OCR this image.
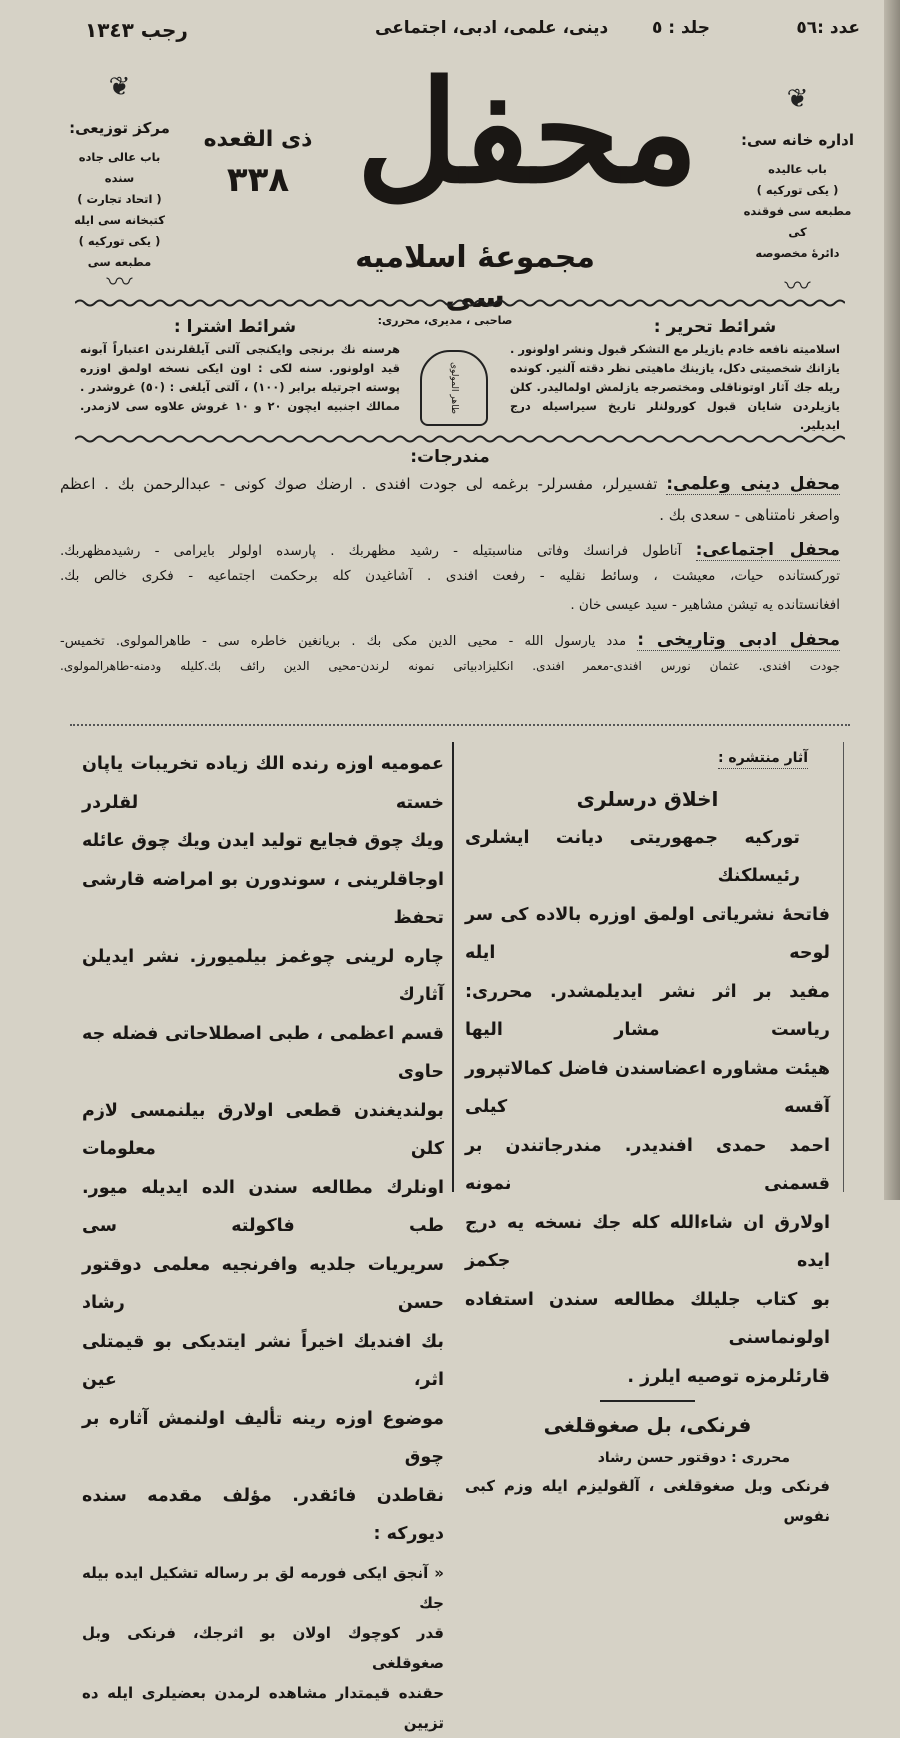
عدد :٥٦
جلد : ٥
دينى، علمى، ادبى، اجتماعى
رجب ١٣٤٣
محفل
ذى القعده
٣٣٨
مجموعهٔ اسلاميه سى
❦
مركز توزيعى:
باب عالى جاده سنده
( اتحاد تجارت )
كتبخانه سى ايله
( يكى تورکيه )
مطبعه سى
〰
❦
اداره خانه سى:
باب عاليده
( يكى توركيه )
مطبعه سى فوقنده كى
دائرهٔ مخصوصه
〰
صاحبى ، مديرى، محررى:
طاهر المولوى
شرائط تحرير :
اسلاميته نافعه خادم يازيلر مع التشكر قبول ونشر اولونور . يازانك شخصيتى دكل، يازينك ماهيتى نظر دقته آلنير. كونده ريله جك آثار اوتوناقلى ومختصرجه يازلمش اولماليدر. كلن يازيلردن شايان قبول كورولنلر تاريخ سيراسيله درج ايديلير.
شرائط اشترا :
هرسنه نك برنجى وايكنجى آلتى آيلقلرندن اعتباراً آبونه قيد اولونور. سنه لكى : اون ايكى نسخه اولمق اوزره پوسته اجرتيله برابر (١٠٠) ، آلتى آيلغى : (٥٠) غروشدر . ممالك اجنبيه ايچون ٢٠ و ١٠ غروش علاوه سى لازمدر.
مندرجات:
محفل دينى وعلمى: تفسيرلر، مفسرلر- برغمه لى جودت افندى . ارضك صوك كونى - عبدالرحمن بك . اعظم
واصغر نامتناهى - سعدى بك .
محفل اجتماعى: آناطول فرانسك وفاتى مناسبتيله - رشيد مظهربك . پارسده اولولر بايرامى - رشيدمظهربك.
توركستانده حيات، معيشت ، وسائط نقليه - رفعت افندى . آشاغيدن كله برحكمت اجتماعيه - فكرى خالص بك.
افغانستانده يه تيشن مشاهير - سيد عيسى خان .
محفل ادبى وتاريخى : مدد يارسول الله - محيى الدين مكى بك . بريانغين خاطره سى - طاهرالمولوى. تخميس-
جودت افندى. عثمان نورس افندى-معمر افندى. انكليزادبياتى نمونه لرندن-محيى الدين رائف بك.كليله ودمنه-طاهرالمولوى.
عموميه اوزه رنده الك زياده تخريبات ياپان خسته لقلردر
ويك چوق فجايع توليد ايدن ويك چوق عائله
اوجاقلرينى ، سوندورن بو امراضه قارشى تحفظ
چاره لرينى چوغمز بيلميورز. نشر ايديلن آثارك
قسم اعظمى ، طبى اصطلاحاتى فضله جه حاوى
بولنديغندن قطعى اولارق بيلنمسى لازم كلن معلومات
اونلرك مطالعه سندن الده ايديله ميور. طب فاكولته سى
سريريات جلديه وافرنجيه معلمى دوقتور حسن رشاد
بك افنديك اخيراً نشر ايتديكى بو قيمتلى اثر، عين
موضوع اوزه رينه تأليف اولنمش آثاره بر چوق
نقاطدن فائقدر. مؤلف مقدمه سنده ديوركه :
« آنجق ايكى فورمه لق بر رساله تشكيل ايده بيله جك
قدر كوچوك اولان بو اثرجك، فرنكى وبل صغوقلغى
حقنده قيمتدار مشاهده لرمدن بعضيلرى ايله ده تزيين
آثار منتشره :
اخلاق درسلرى
توركيه جمهوريتى ديانت ايشلرى رئيسلكنك
فاتحهٔ نشرياتى اولمق اوزره بالاده كى سر لوحه ايله
مفيد بر اثر نشر ايديلمشدر. محررى: رياست مشار اليها
هيئت مشاوره اعضاسندن فاضل كمالاتپرور آقسه كيلى
احمد حمدى افنديدر. مندرجاتندن بر قسمنى نمونه
اولارق ان شاءالله كله جك نسخه يه درج ايده جكمز
بو كتاب جليلك مطالعه سندن استفاده اولونماسنى
قارئلرمزه توصيه ايلرز .
فرنكى، بل صغوقلغى
محررى : دوقتور حسن رشاد
فرنكى وبل صغوقلغى ، آلقوليزم ايله وزم كبى نفوس
